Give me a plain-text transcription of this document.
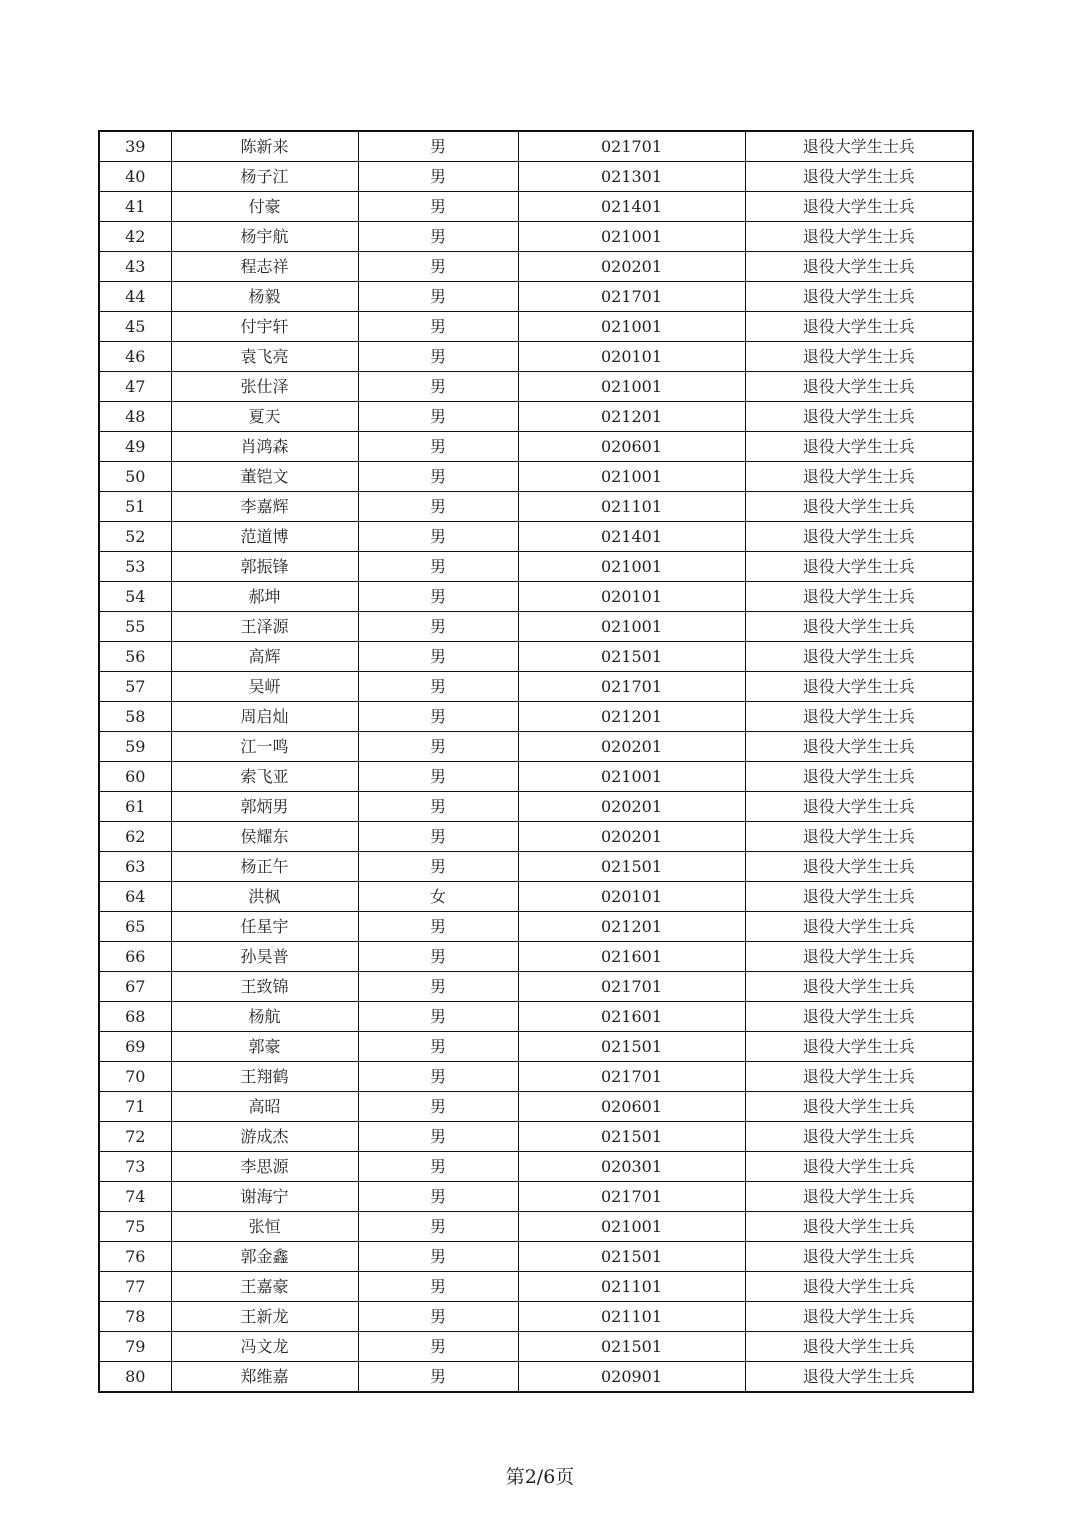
39	陈新来	男	021701	退役大学生士兵
40	杨子江	男	021301	退役大学生士兵
41	付豪	男	021401	退役大学生士兵
42	杨宇航	男	021001	退役大学生士兵
43	程志祥	男	020201	退役大学生士兵
44	杨毅	男	021701	退役大学生士兵
45	付宇轩	男	021001	退役大学生士兵
46	袁飞亮	男	020101	退役大学生士兵
47	张仕泽	男	021001	退役大学生士兵
48	夏天	男	021201	退役大学生士兵
49	肖鸿森	男	020601	退役大学生士兵
50	董铠文	男	021001	退役大学生士兵
51	李嘉辉	男	021101	退役大学生士兵
52	范道博	男	021401	退役大学生士兵
53	郭振锋	男	021001	退役大学生士兵
54	郝坤	男	020101	退役大学生士兵
55	王泽源	男	021001	退役大学生士兵
56	高辉	男	021501	退役大学生士兵
57	吴岍	男	021701	退役大学生士兵
58	周启灿	男	021201	退役大学生士兵
59	江一鸣	男	020201	退役大学生士兵
60	索飞亚	男	021001	退役大学生士兵
61	郭炳男	男	020201	退役大学生士兵
62	侯耀东	男	020201	退役大学生士兵
63	杨正午	男	021501	退役大学生士兵
64	洪枫	女	020101	退役大学生士兵
65	任星宇	男	021201	退役大学生士兵
66	孙昊普	男	021601	退役大学生士兵
67	王致锦	男	021701	退役大学生士兵
68	杨航	男	021601	退役大学生士兵
69	郭豪	男	021501	退役大学生士兵
70	王翔鹤	男	021701	退役大学生士兵
71	高昭	男	020601	退役大学生士兵
72	游成杰	男	021501	退役大学生士兵
73	李思源	男	020301	退役大学生士兵
74	谢海宁	男	021701	退役大学生士兵
75	张恒	男	021001	退役大学生士兵
76	郭金鑫	男	021501	退役大学生士兵
77	王嘉豪	男	021101	退役大学生士兵
78	王新龙	男	021101	退役大学生士兵
79	冯文龙	男	021501	退役大学生士兵
80	郑维嘉	男	020901	退役大学生士兵
第2/6页
